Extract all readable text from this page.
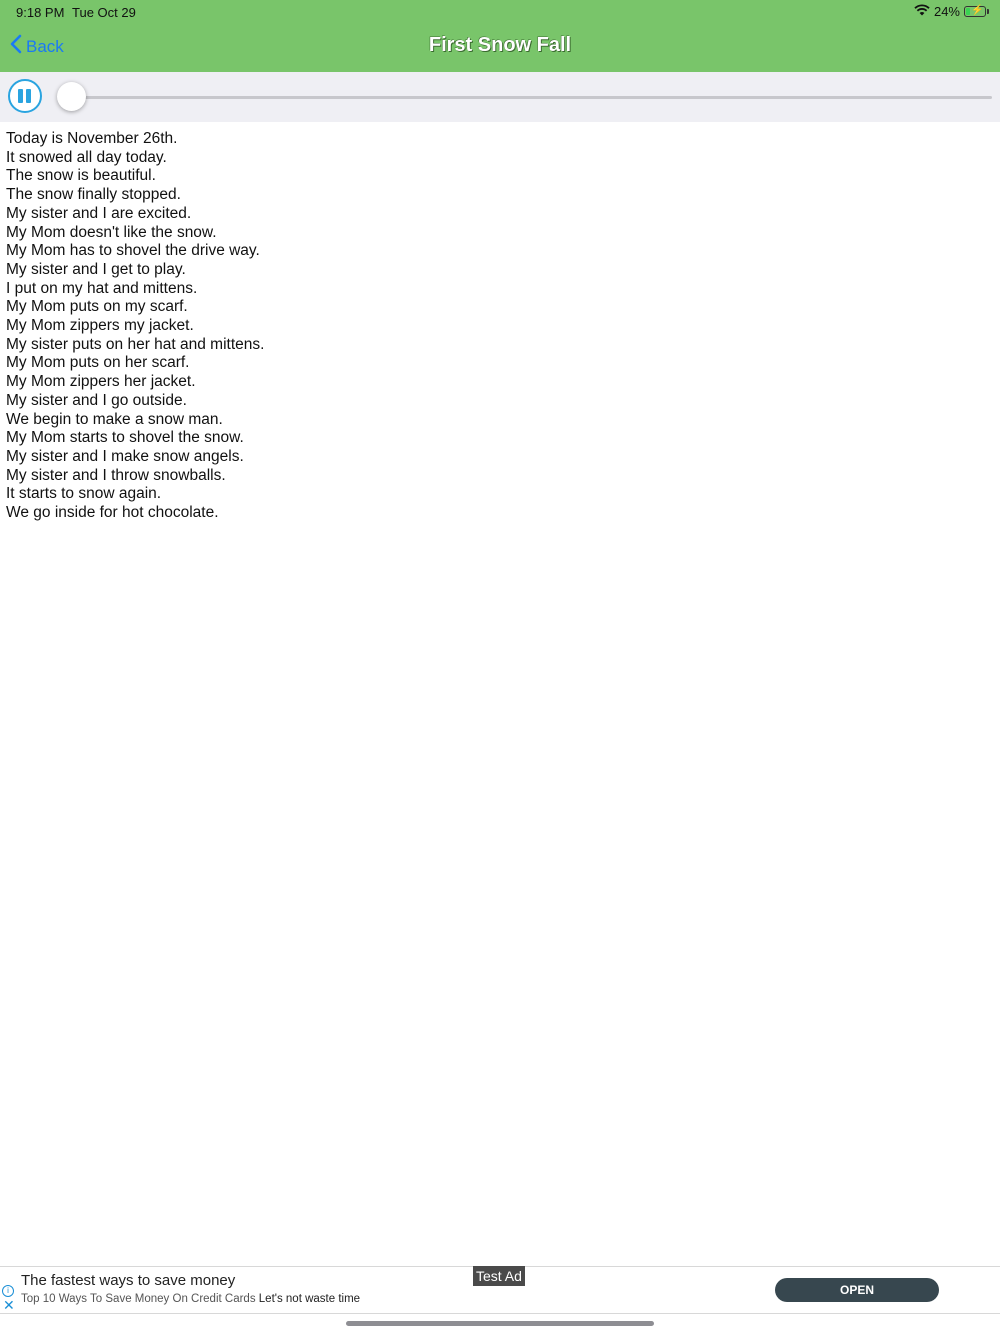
9:18 PM Tue Oct 29	24% ⚡
Back	First Snow Fall
Today is November 26th.
It snowed all day today.
The snow is beautiful.
The snow finally stopped.
My sister and I are excited.
My Mom doesn't like the snow.
My Mom has to shovel the drive way.
My sister and I get to play.
I put on my hat and mittens.
My Mom puts on my scarf.
My Mom zippers my jacket.
My sister puts on her hat and mittens.
My Mom puts on her scarf.
My Mom zippers her jacket.
My sister and I go outside.
We begin to make a snow man.
My Mom starts to shovel the snow.
My sister and I make snow angels.
My sister and I throw snowballs.
It starts to snow again.
We go inside for hot chocolate.
Test Ad
i
✕
The fastest ways to save money
Top 10 Ways To Save Money On Credit Cards Let's not waste time
OPEN
